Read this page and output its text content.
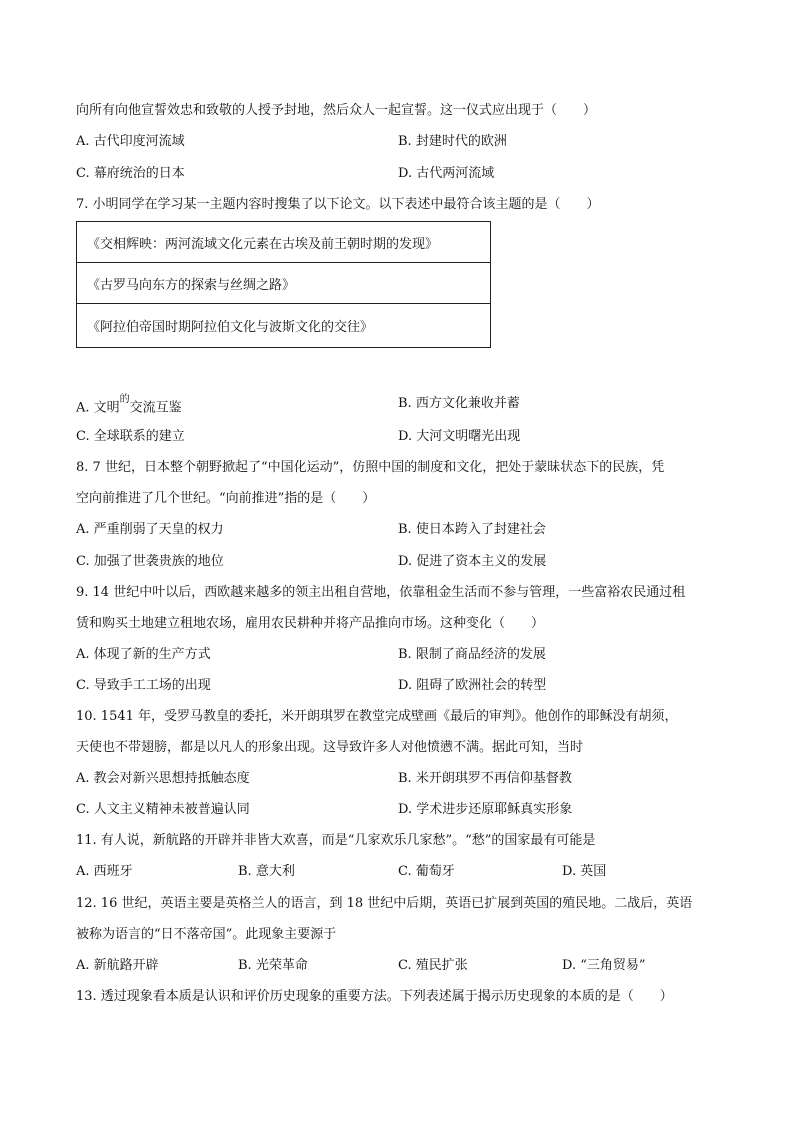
向所有向他宣誓效忠和致敬的人授予封地，然后众人一起宣誓。这一仪式应出现于（　　）
A. 古代印度河流域	B. 封建时代的欧洲
C. 幕府统治的日本	D. 古代两河流域
7. 小明同学在学习某一主题内容时搜集了以下论文。以下表述中最符合该主题的是（　　）
《交相辉映：两河流域文化元素在古埃及前王朝时期的发现》
《古罗马向东方的探索与丝绸之路》
《阿拉伯帝国时期阿拉伯文化与波斯文化的交往》
A. 文明$^的$交流互鉴	B. 西方文化兼收并蓄
C. 全球联系的建立	D. 大河文明曙光出现
8. 7 世纪，日本整个朝野掀起了“中国化运动”，仿照中国的制度和文化，把处于蒙昧状态下的民族，凭
空向前推进了几个世纪。“向前推进”指的是（　　）
A. 严重削弱了天皇的权力	B. 使日本跨入了封建社会
C. 加强了世袭贵族的地位	D. 促进了资本主义的发展
9. 14 世纪中叶以后，西欧越来越多的领主出租自营地，依靠租金生活而不参与管理，一些富裕农民通过租
赁和购买土地建立租地农场，雇用农民耕种并将产品推向市场。这种变化（　　）
A. 体现了新的生产方式	B. 限制了商品经济的发展
C. 导致手工工场的出现	D. 阻碍了欧洲社会的转型
10. 1541 年，受罗马教皇的委托，米开朗琪罗在教堂完成壁画《最后的审判》。他创作的耶稣没有胡须，
天使也不带翅膀，都是以凡人的形象出现。这导致许多人对他愤懑不满。据此可知，当时
A. 教会对新兴思想持抵触态度	B. 米开朗琪罗不再信仰基督教
C. 人文主义精神未被普遍认同	D. 学术进步还原耶稣真实形象
11. 有人说，新航路的开辟并非皆大欢喜，而是“几家欢乐几家愁”。“愁”的国家最有可能是
A. 西班牙	B. 意大利	C. 葡萄牙	D. 英国
12. 16 世纪，英语主要是英格兰人的语言，到 18 世纪中后期，英语已扩展到英国的殖民地。二战后，英语
被称为语言的“日不落帝国”。此现象主要源于
A. 新航路开辟	B. 光荣革命	C. 殖民扩张	D. “三角贸易”
13. 透过现象看本质是认识和评价历史现象的重要方法。下列表述属于揭示历史现象的本质的是（　　）
